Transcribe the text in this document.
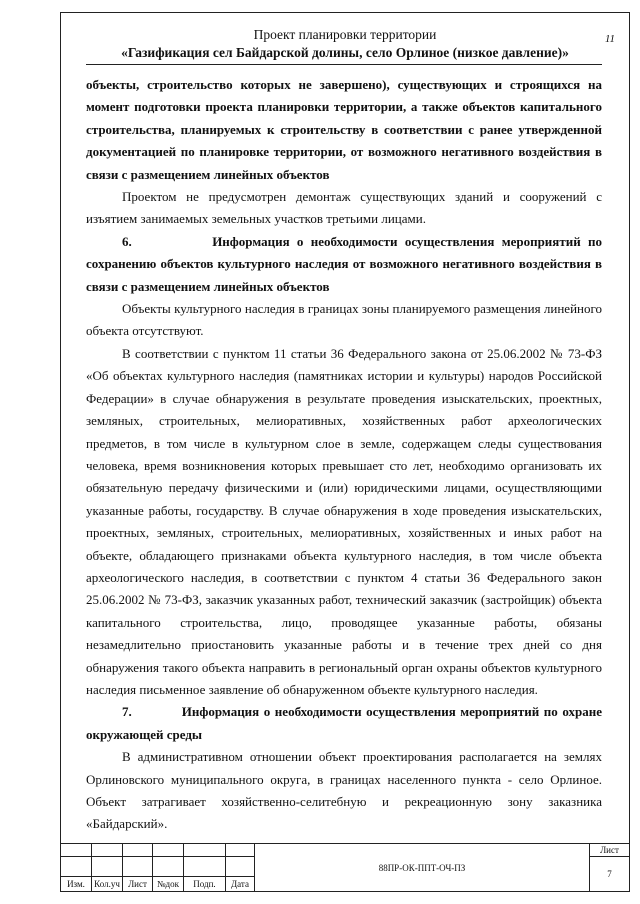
11
Проект планировки территории
«Газификация сел Байдарской долины, село Орлиное (низкое давление)»

объекты, строительство которых не завершено), существующих и строящихся на момент подготовки проекта планировки территории, а также объектов капитального строительства, планируемых к строительству в соответствии с ранее утвержденной документацией по планировке территории, от возможного негативного воздействия в связи с размещением линейных объектов

Проектом не предусмотрен демонтаж существующих зданий и сооружений с изъятием занимаемых земельных участков третьими лицами.

6.	Информация о необходимости осуществления мероприятий по сохранению объектов культурного наследия от возможного негативного воздействия в связи с размещением линейных объектов

Объекты культурного наследия в границах зоны планируемого размещения линейного объекта отсутствуют.

В соответствии с пунктом 11 статьи 36 Федерального закона от 25.06.2002 № 73-ФЗ «Об объектах культурного наследия (памятниках истории и культуры) народов Российской Федерации» в случае обнаружения в результате проведения изыскательских, проектных, земляных, строительных, мелиоративных, хозяйственных работ археологических предметов, в том числе в культурном слое в земле, содержащем следы существования человека, время возникновения которых превышает сто лет, необходимо организовать их обязательную передачу физическими и (или) юридическими лицами, осуществляющими указанные работы, государству. В случае обнаружения в ходе проведения изыскательских, проектных, земляных, строительных, мелиоративных, хозяйственных и иных работ на объекте, обладающего признаками объекта культурного наследия, в том числе объекта археологического наследия, в соответствии с пунктом 4 статьи 36 Федерального закон 25.06.2002 № 73-ФЗ, заказчик указанных работ, технический заказчик (застройщик) объекта капитального строительства, лицо, проводящее указанные работы, обязаны незамедлительно приостановить указанные работы и в течение трех дней со дня обнаружения такого объекта направить в региональный орган охраны объектов культурного наследия письменное заявление об обнаруженном объекте культурного наследия.

7.	Информация о необходимости осуществления мероприятий по охране окружающей среды

В административном отношении объект проектирования располагается на землях Орлиновского муниципального округа, в границах населенного пункта - село Орлиное. Объект затрагивает хозяйственно-селитебную и рекреационную зону заказника «Байдарский».

						88ПР-ОК-ППТ-ОЧ-ПЗ	Лист
							7
Изм.	Кол.уч	Лист	№док	Подп.	Дата		
